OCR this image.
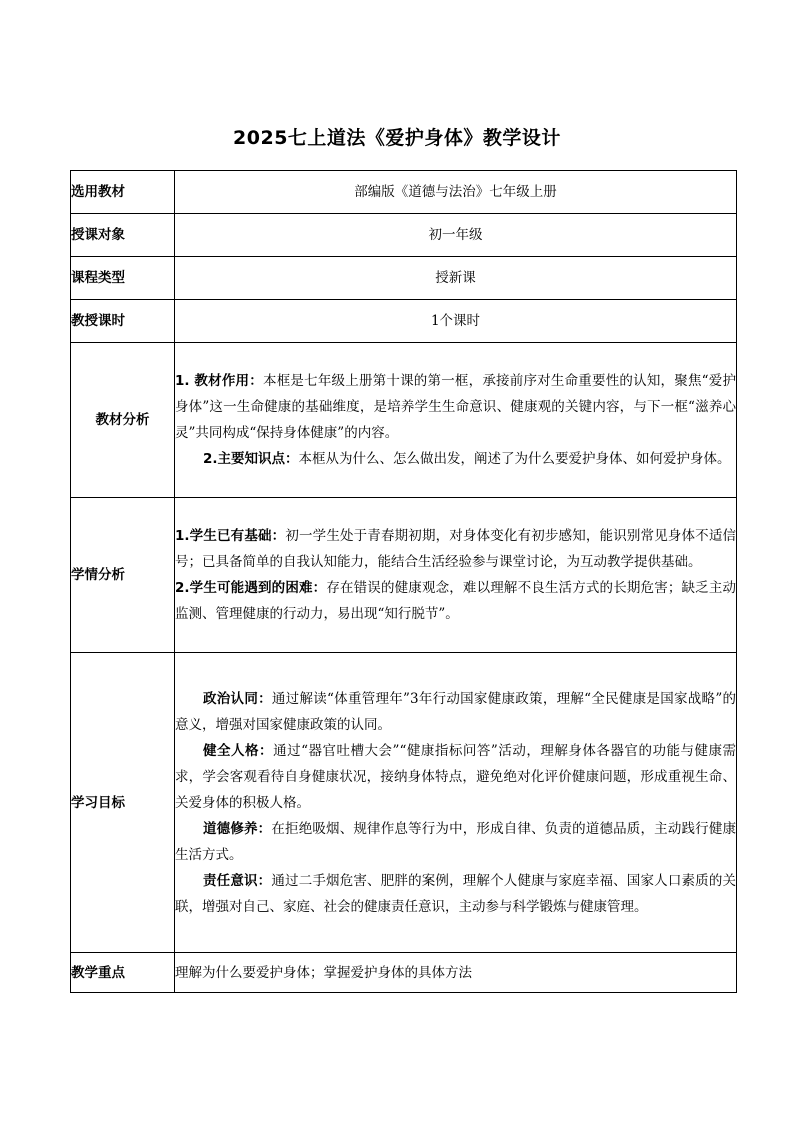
2025七上道法《爱护身体》教学设计
选用教材	部编版《道德与法治》七年级上册
授课对象	初一年级
课程类型	授新课
教授课时	1个课时
教材分析	1. 教材作用：本框是七年级上册第十课的第一框，承接前序对生命重要性的认知，聚焦“爱护身体”这一生命健康的基础维度，是培养学生生命意识、健康观的关键内容，与下一框“滋养心灵”共同构成“保持身体健康”的内容。

2.主要知识点：本框从为什么、怎么做出发，阐述了为什么要爱护身体、如何爱护身体。

学情分析	1.学生已有基础：初一学生处于青春期初期，对身体变化有初步感知，能识别常见身体不适信号；已具备简单的自我认知能力，能结合生活经验参与课堂讨论，为互动教学提供基础。

2.学生可能遇到的困难：存在错误的健康观念，难以理解不良生活方式的长期危害；缺乏主动监测、管理健康的行动力，易出现“知行脱节”。

学习目标	政治认同：通过解读“体重管理年”3年行动国家健康政策，理解“全民健康是国家战略”的意义，增强对国家健康政策的认同。

健全人格：通过“器官吐槽大会”“健康指标问答”活动，理解身体各器官的功能与健康需求，学会客观看待自身健康状况，接纳身体特点，避免绝对化评价健康问题，形成重视生命、关爱身体的积极人格。

道德修养：在拒绝吸烟、规律作息等行为中，形成自律、负责的道德品质，主动践行健康生活方式。

责任意识：通过二手烟危害、肥胖的案例，理解个人健康与家庭幸福、国家人口素质的关联，增强对自己、家庭、社会的健康责任意识，主动参与科学锻炼与健康管理。

教学重点	理解为什么要爱护身体；掌握爱护身体的具体方法
